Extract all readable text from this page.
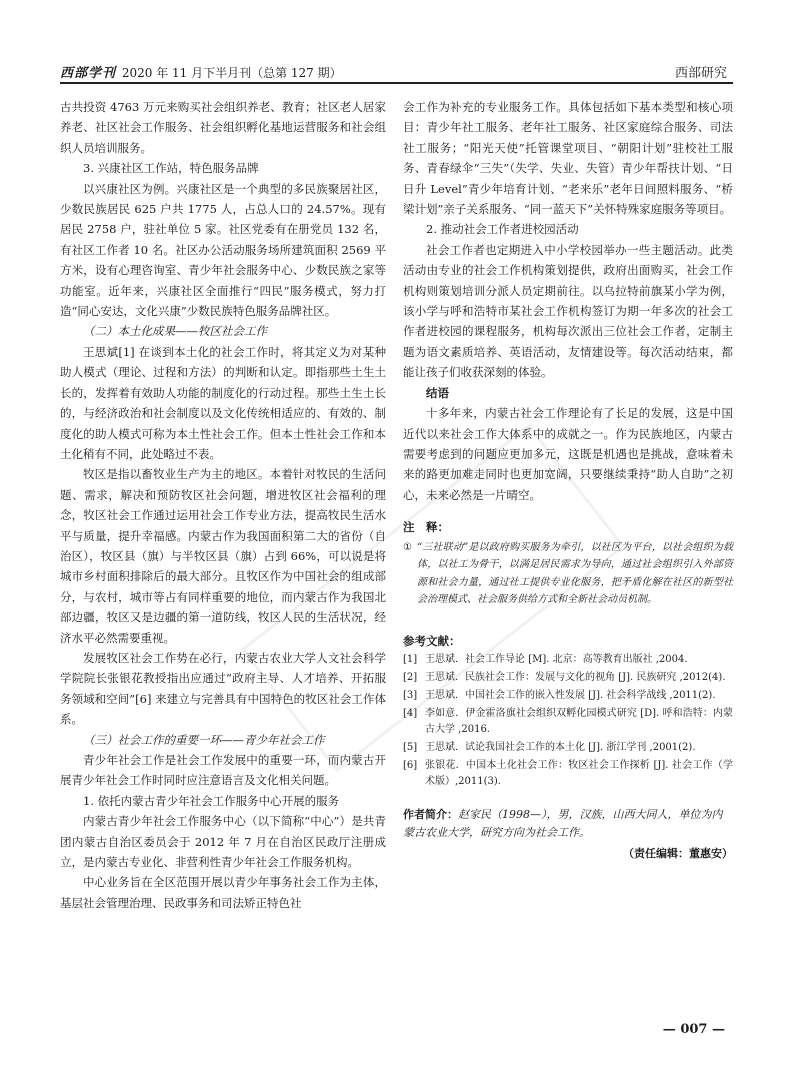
西部学刊 2020 年 11 月下半月刊（总第 127 期）	西部研究

古共投资 4763 万元来购买社会组织养老、教育；社区老人居家养老、社区社会工作服务、社会组织孵化基地运营服务和社会组织人员培训服务。

3. 兴康社区工作站，特色服务品牌

以兴康社区为例。兴康社区是一个典型的多民族聚居社区，少数民族居民 625 户共 1775 人，占总人口的 24.57%。现有居民 2758 户，驻社单位 5 家。社区党委有在册党员 132 名，有社区工作者 10 名。社区办公活动服务场所建筑面积 2569 平方米，设有心理咨询室、青少年社会服务中心、少数民族之家等功能室。近年来，兴康社区全面推行“四民”服务模式，努力打造“同心安达，文化兴康”少数民族特色服务品牌社区。

（二）本土化成果——牧区社会工作

王思斌[1] 在谈到本土化的社会工作时，将其定义为对某种助人模式（理论、过程和方法）的判断和认定。即指那些土生土长的，发挥着有效助人功能的制度化的行动过程。那些土生土长的，与经济政治和社会制度以及文化传统相适应的、有效的、制度化的助人模式可称为本土性社会工作。但本土性社会工作和本土化稍有不同，此处略过不表。

牧区是指以畜牧业生产为主的地区。本着针对牧民的生活问题、需求，解决和预防牧区社会问题，增进牧区社会福利的理念，牧区社会工作通过运用社会工作专业方法，提高牧民生活水平与质量，提升幸福感。内蒙古作为我国面积第二大的省份（自治区），牧区县（旗）与半牧区县（旗）占到 66%，可以说是将城市乡村面积排除后的最大部分。且牧区作为中国社会的组成部分，与农村，城市等占有同样重要的地位，而内蒙古作为我国北部边疆，牧区又是边疆的第一道防线，牧区人民的生活状况，经济水平必然需要重视。

发展牧区社会工作势在必行，内蒙古农业大学人文社会科学学院院长张银花教授指出应通过“政府主导、人才培养、开拓服务领域和空间”[6] 来建立与完善具有中国特色的牧区社会工作体系。

（三）社会工作的重要一环——青少年社会工作

青少年社会工作是社会工作发展中的重要一环，而内蒙古开展青少年社会工作时同时应注意语言及文化相关问题。

1. 依托内蒙古青少年社会工作服务中心开展的服务

内蒙古青少年社会工作服务中心（以下简称“中心”）是共青团内蒙古自治区委员会于 2012 年 7 月在自治区民政厅注册成立，是内蒙古专业化、非营利性青少年社会工作服务机构。

中心业务旨在全区范围开展以青少年事务社会工作为主体，基层社会管理治理、民政事务和司法矫正特色社

会工作为补充的专业服务工作。具体包括如下基本类型和核心项目：青少年社工服务、老年社工服务、社区家庭综合服务、司法社工服务；“阳光天使”托管课堂项目、“朝阳计划”驻校社工服务、青春绿伞“三失”（失学、失业、失管）青少年帮扶计划、“日日升 Level”青少年培育计划、“老来乐”老年日间照料服务、“桥梁计划”亲子关系服务、“同一蓝天下”关怀特殊家庭服务等项目。

2. 推动社会工作者进校园活动

社会工作者也定期进入中小学校园举办一些主题活动。此类活动由专业的社会工作机构策划提供，政府出面购买，社会工作机构则策划培训分派人员定期前往。以乌拉特前旗某小学为例，该小学与呼和浩特市某社会工作机构签订为期一年多次的社会工作者进校园的课程服务，机构每次派出三位社会工作者，定制主题为语文素质培养、英语活动，友情建设等。每次活动结束，都能让孩子们收获深刻的体验。

结语

十多年来，内蒙古社会工作理论有了长足的发展，这是中国近代以来社会工作大体系中的成就之一。作为民族地区，内蒙古需要考虑到的问题应更加多元，这既是机遇也是挑战，意味着未来的路更加难走同时也更加宽阔，只要继续秉持“助人自助”之初心，未来必然是一片晴空。

注　释：
① “三社联动”是以政府购买服务为牵引，以社区为平台，以社会组织为载体，以社工为骨干，以满足居民需求为导向，通过社会组织引入外部资源和社会力量，通过社工提供专业化服务，把矛盾化解在社区的新型社会治理模式、社会服务供给方式和全新社会动员机制。
参考文献：
[1] 王思斌．社会工作导论 [M]. 北京：高等教育出版社 ,2004.
[2] 王思斌．民族社会工作：发展与文化的视角 [J]. 民族研究 ,2012(4).
[3] 王思斌．中国社会工作的嵌入性发展 [J]. 社会科学战线 ,2011(2).
[4] 李如意．伊金霍洛旗社会组织双孵化园模式研究 [D]. 呼和浩特：内蒙古大学 ,2016.
[5] 王思斌．试论我国社会工作的本土化 [J]. 浙江学刊 ,2001(2).
[6] 张银花．中国本土化社会工作：牧区社会工作探析 [J]. 社会工作（学术版）,2011(3).
作者简介：赵家民（1998—），男，汉族，山西大同人，单位为内蒙古农业大学，研究方向为社会工作。
（责任编辑：董惠安）
— 007 —
